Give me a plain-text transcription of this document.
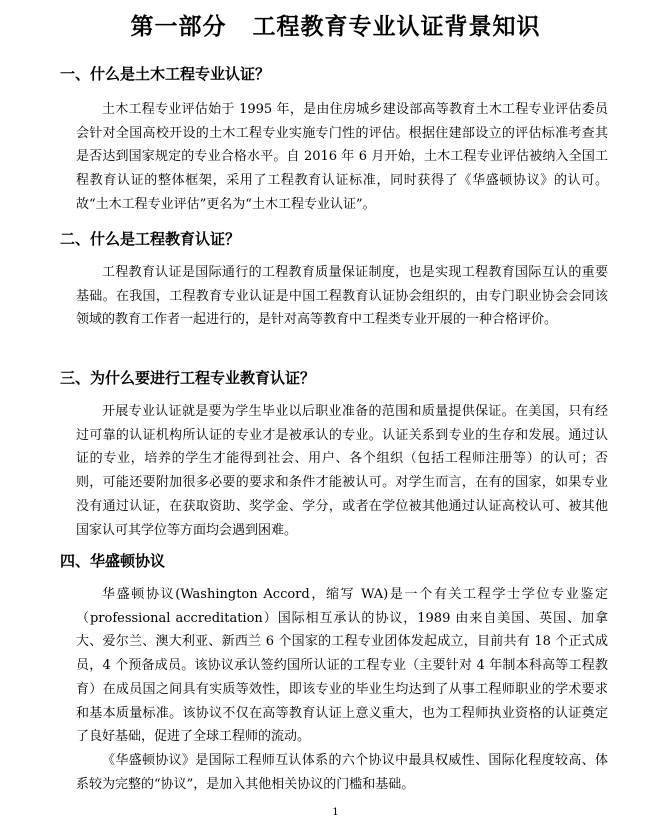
第一部分 工程教育专业认证背景知识
一、什么是土木工程专业认证？

土木工程专业评估始于 1995 年，是由住房城乡建设部高等教育土木工程专业评估委员会针对全国高校开设的土木工程专业实施专门性的评估。根据住建部设立的评估标准考查其是否达到国家规定的专业合格水平。自 2016 年 6 月开始，土木工程专业评估被纳入全国工程教育认证的整体框架，采用了工程教育认证标准，同时获得了《华盛顿协议》的认可。故“土木工程专业评估”更名为“土木工程专业认证”。

二、什么是工程教育认证？

工程教育认证是国际通行的工程教育质量保证制度，也是实现工程教育国际互认的重要基础。在我国，工程教育专业认证是中国工程教育认证协会组织的，由专门职业协会会同该领域的教育工作者一起进行的，是针对高等教育中工程类专业开展的一种合格评价。

三、为什么要进行工程专业教育认证？

开展专业认证就是要为学生毕业以后职业准备的范围和质量提供保证。在美国，只有经过可靠的认证机构所认证的专业才是被承认的专业。认证关系到专业的生存和发展。通过认证的专业，培养的学生才能得到社会、用户、各个组织（包括工程师注册等）的认可；否则，可能还要附加很多必要的要求和条件才能被认可。对学生而言，在有的国家，如果专业没有通过认证，在获取资助、奖学金、学分，或者在学位被其他通过认证高校认可、被其他国家认可其学位等方面均会遇到困难。

四、华盛顿协议

华盛顿协议(Washington Accord，缩写 WA)是一个有关工程学士学位专业鉴定（professional accreditation）国际相互承认的协议，1989 由来自美国、英国、加拿大、爱尔兰、澳大利亚、新西兰 6 个国家的工程专业团体发起成立，目前共有 18 个正式成员，4 个预备成员。该协议承认签约国所认证的工程专业（主要针对 4 年制本科高等工程教育）在成员国之间具有实质等效性，即该专业的毕业生均达到了从事工程师职业的学术要求和基本质量标准。该协议不仅在高等教育认证上意义重大，也为工程师执业资格的认证奠定了良好基础，促进了全球工程师的流动。

《华盛顿协议》是国际工程师互认体系的六个协议中最具权威性、国际化程度较高、体系较为完整的“协议”，是加入其他相关协议的门槛和基础。

1
